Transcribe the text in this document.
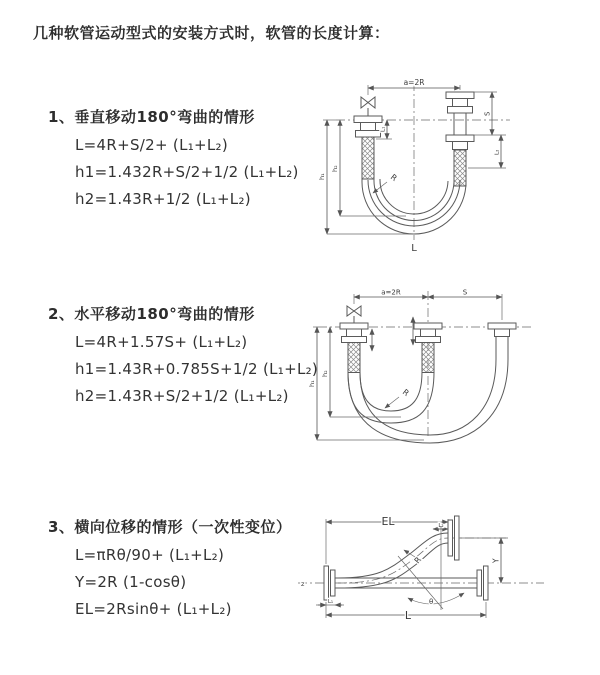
几种软管运动型式的安装方式时，软管的长度计算：
1、垂直移动180°弯曲的情形
L=4R+S/2+ (L₁+L₂)
h1=1.432R+S/2+1/2 (L₁+L₂)
h2=1.43R+1/2 (L₁+L₂)
2、水平移动180°弯曲的情形
L=4R+1.57S+ (L₁+L₂)
h1=1.43R+0.785S+1/2 (L₁+L₂)
h2=1.43R+S/2+1/2 (L₁+L₂)
3、横向位移的情形（一次性变位）
L=πRθ/90+ (L₁+L₂)
Y=2R (1-cosθ)
EL=2Rsinθ+ (L₁+L₂)
a=2R
h₁
h₂
L₁
S
L₂
R
L
a=2R	S
h₁
h₂
R
z
EL	L₂
Y
θ
R
L₁
L
